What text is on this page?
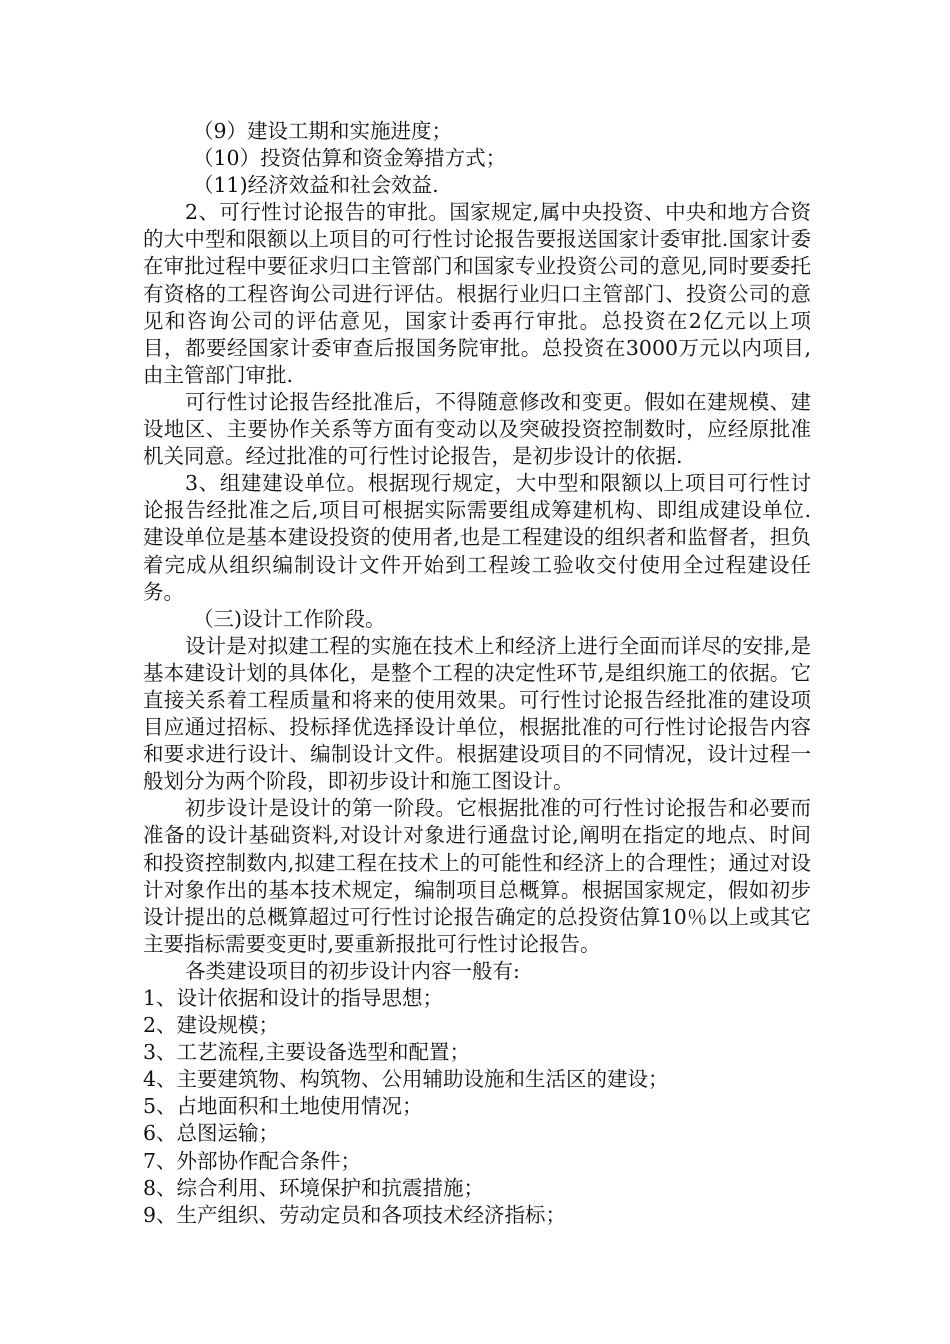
（9）建设工期和实施进度；

（10）投资估算和资金筹措方式；

（11)经济效益和社会效益.

2、可行性讨论报告的审批。国家规定,属中央投资、中央和地方合资的大中型和限额以上项目的可行性讨论报告要报送国家计委审批.国家计委在审批过程中要征求归口主管部门和国家专业投资公司的意见,同时要委托有资格的工程咨询公司进行评估。根据行业归口主管部门、投资公司的意见和咨询公司的评估意见，国家计委再行审批。总投资在2亿元以上项目，都要经国家计委审查后报国务院审批。总投资在3000万元以内项目,由主管部门审批.

可行性讨论报告经批准后，不得随意修改和变更。假如在建规模、建设地区、主要协作关系等方面有变动以及突破投资控制数时，应经原批准机关同意。经过批准的可行性讨论报告，是初步设计的依据.

3、组建建设单位。根据现行规定，大中型和限额以上项目可行性讨论报告经批准之后,项目可根据实际需要组成筹建机构、即组成建设单位.建设单位是基本建设投资的使用者,也是工程建设的组织者和监督者，担负着完成从组织编制设计文件开始到工程竣工验收交付使用全过程建设任务。

（三)设计工作阶段。

设计是对拟建工程的实施在技术上和经济上进行全面而详尽的安排,是基本建设计划的具体化，是整个工程的决定性环节,是组织施工的依据。它直接关系着工程质量和将来的使用效果。可行性讨论报告经批准的建设项目应通过招标、投标择优选择设计单位，根据批准的可行性讨论报告内容和要求进行设计、编制设计文件。根据建设项目的不同情况，设计过程一般划分为两个阶段，即初步设计和施工图设计。

初步设计是设计的第一阶段。它根据批准的可行性讨论报告和必要而准备的设计基础资料,对设计对象进行通盘讨论,阐明在指定的地点、时间和投资控制数内,拟建工程在技术上的可能性和经济上的合理性；通过对设计对象作出的基本技术规定，编制项目总概算。根据国家规定，假如初步设计提出的总概算超过可行性讨论报告确定的总投资估算10％以上或其它主要指标需要变更时,要重新报批可行性讨论报告。

各类建设项目的初步设计内容一般有:

1、设计依据和设计的指导思想；

2、建设规模；

3、工艺流程,主要设备选型和配置；

4、主要建筑物、构筑物、公用辅助设施和生活区的建设；

5、占地面积和土地使用情况；

6、总图运输；

7、外部协作配合条件；

8、综合利用、环境保护和抗震措施；

9、生产组织、劳动定员和各项技术经济指标；
